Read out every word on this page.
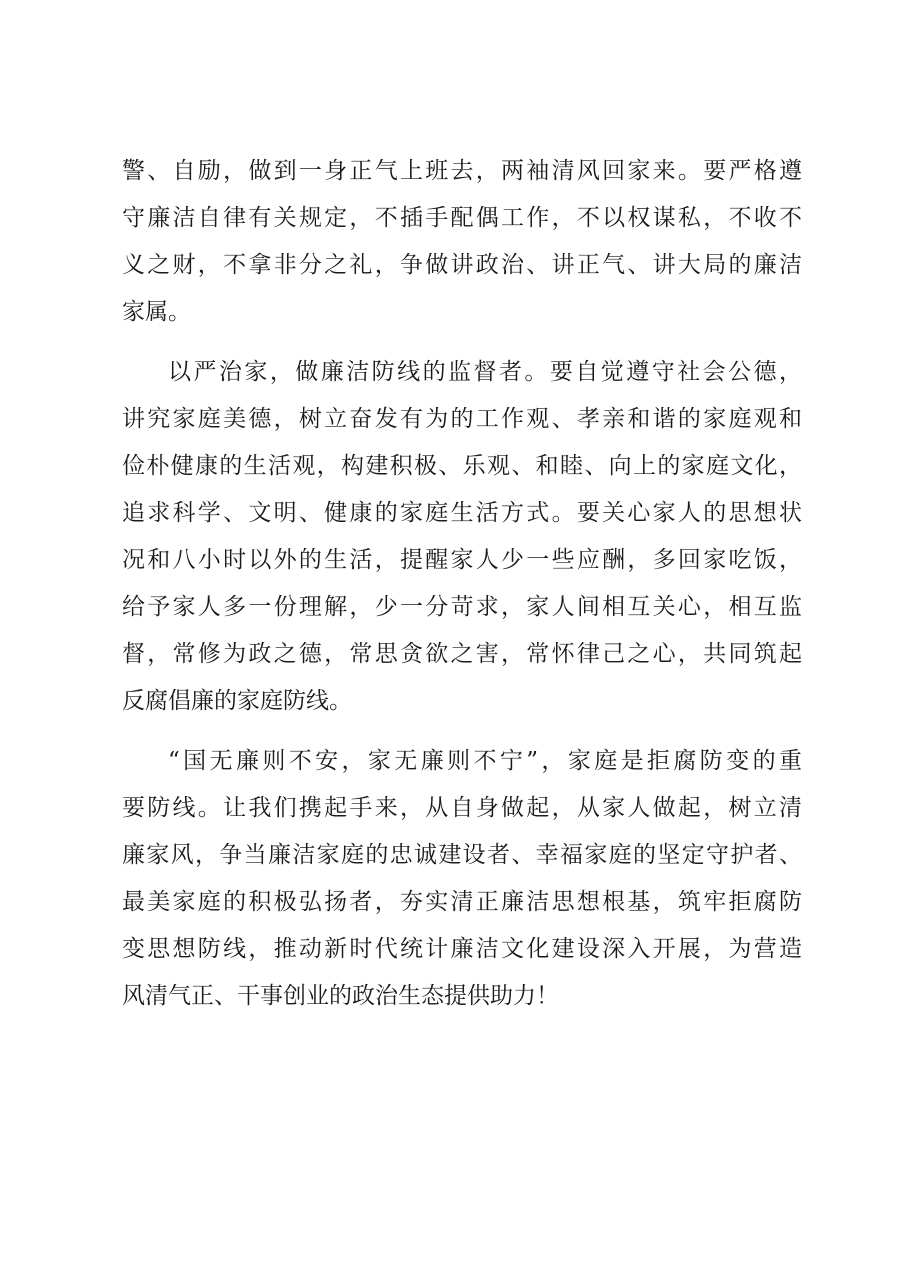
警、自励，做到一身正气上班去，两袖清风回家来。要严格遵
守廉洁自律有关规定，不插手配偶工作，不以权谋私，不收不
义之财，不拿非分之礼，争做讲政治、讲正气、讲大局的廉洁
家属。
以严治家，做廉洁防线的监督者。要自觉遵守社会公德，
讲究家庭美德，树立奋发有为的工作观、孝亲和谐的家庭观和
俭朴健康的生活观，构建积极、乐观、和睦、向上的家庭文化，
追求科学、文明、健康的家庭生活方式。要关心家人的思想状
况和八小时以外的生活，提醒家人少一些应酬，多回家吃饭，
给予家人多一份理解，少一分苛求，家人间相互关心，相互监
督，常修为政之德，常思贪欲之害，常怀律己之心，共同筑起
反腐倡廉的家庭防线。
“国无廉则不安，家无廉则不宁”，家庭是拒腐防变的重
要防线。让我们携起手来，从自身做起，从家人做起，树立清
廉家风，争当廉洁家庭的忠诚建设者、幸福家庭的坚定守护者、
最美家庭的积极弘扬者，夯实清正廉洁思想根基，筑牢拒腐防
变思想防线，推动新时代统计廉洁文化建设深入开展，为营造
风清气正、干事创业的政治生态提供助力！
